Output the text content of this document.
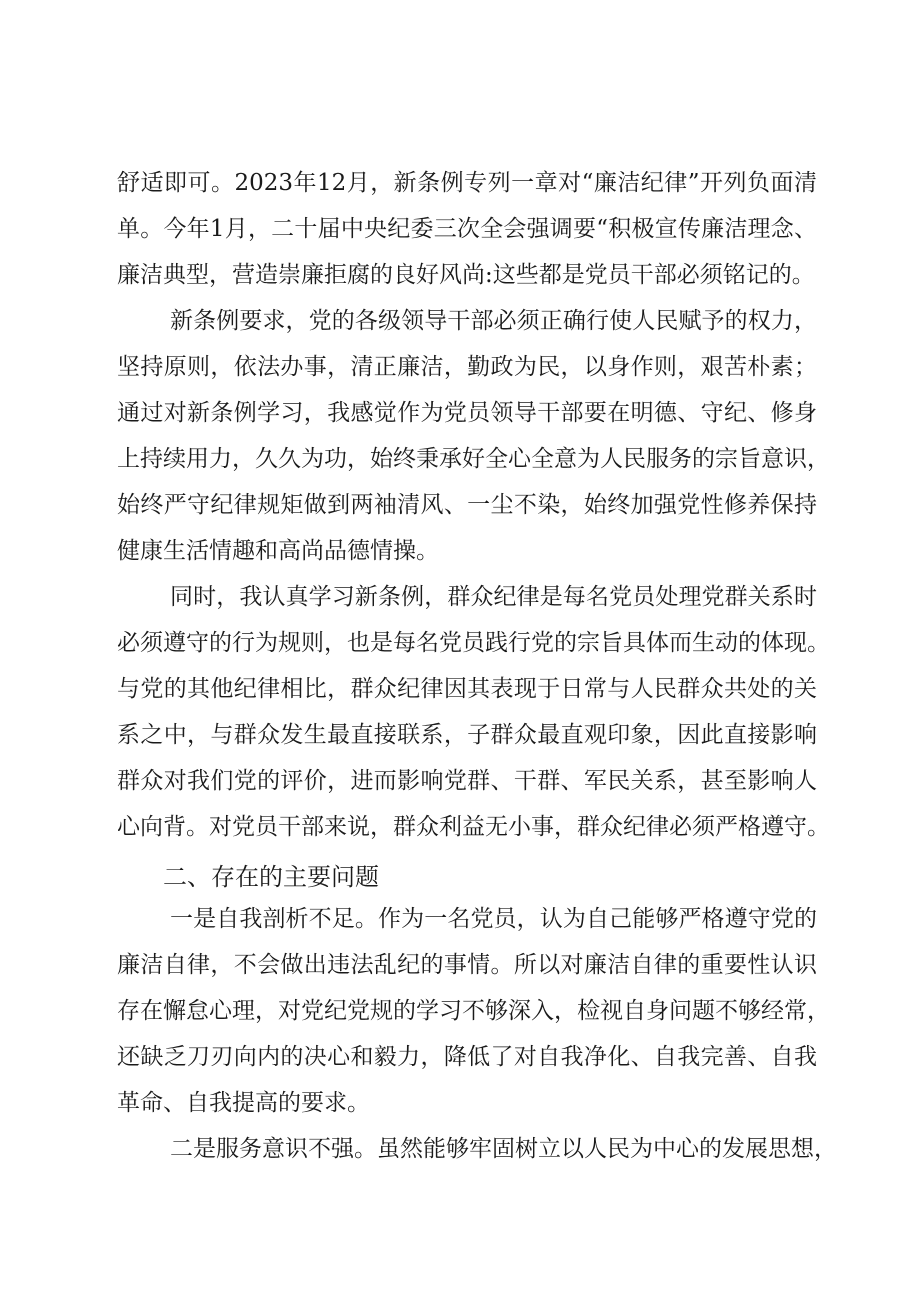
舒适即可。2023年12月，新条例专列一章对“廉洁纪律”开列负面清
单。今年1月，二十届中央纪委三次全会强调要“积极宣传廉洁理念、
廉洁典型，营造崇廉拒腐的良好风尚:这些都是党员干部必须铭记的。
新条例要求，党的各级领导干部必须正确行使人民赋予的权力，
坚持原则，依法办事，清正廉洁，勤政为民，以身作则，艰苦朴素；
通过对新条例学习，我感觉作为党员领导干部要在明德、守纪、修身
上持续用力，久久为功，始终秉承好全心全意为人民服务的宗旨意识，
始终严守纪律规矩做到两袖清风、一尘不染，始终加强党性修养保持
健康生活情趣和高尚品德情操。
同时，我认真学习新条例，群众纪律是每名党员处理党群关系时
必须遵守的行为规则，也是每名党员践行党的宗旨具体而生动的体现。
与党的其他纪律相比，群众纪律因其表现于日常与人民群众共处的关
系之中，与群众发生最直接联系，子群众最直观印象，因此直接影响
群众对我们党的评价，进而影响党群、干群、军民关系，甚至影响人
心向背。对党员干部来说，群众利益无小事，群众纪律必须严格遵守。
二、存在的主要问题
一是自我剖析不足。作为一名党员，认为自己能够严格遵守党的
廉洁自律，不会做出违法乱纪的事情。所以对廉洁自律的重要性认识
存在懈怠心理，对党纪党规的学习不够深入，检视自身问题不够经常，
还缺乏刀刃向内的决心和毅力，降低了对自我净化、自我完善、自我
革命、自我提高的要求。
二是服务意识不强。虽然能够牢固树立以人民为中心的发展思想，
